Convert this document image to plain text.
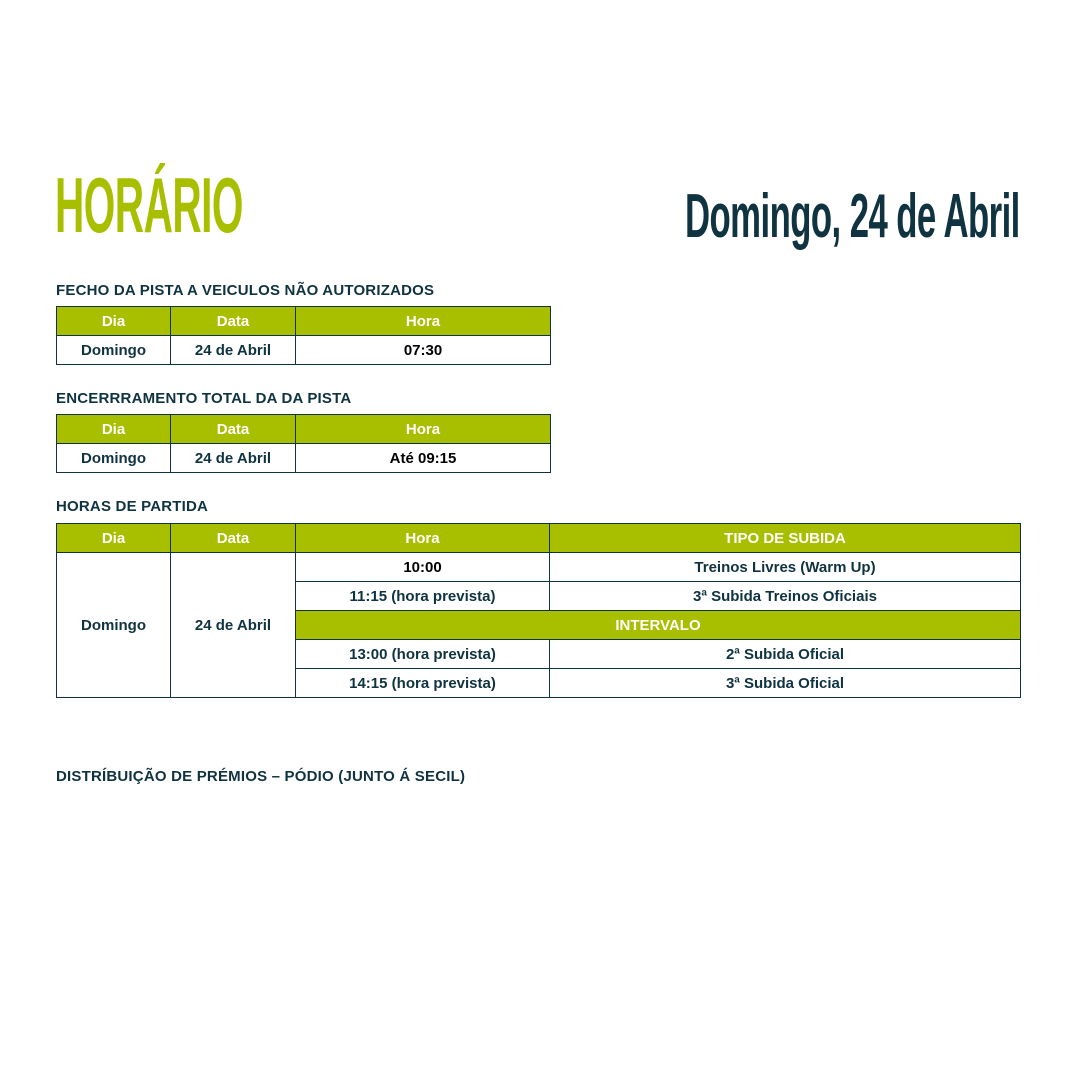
HORÁRIO	Domingo, 24 de Abril
FECHO DA PISTA A VEICULOS NÃO AUTORIZADOS
Dia	Data	Hora
Domingo	24 de Abril	07:30
ENCERRRAMENTO TOTAL DA DA PISTA
Dia	Data	Hora
Domingo	24 de Abril	Até 09:15
HORAS DE PARTIDA
Dia	Data	Hora	TIPO DE SUBIDA
Domingo	24 de Abril	10:00	Treinos Livres (Warm Up)
		11:15 (hora prevista)	3ª Subida Treinos Oficiais
		INTERVALO	
		13:00 (hora prevista)	2ª Subida Oficial
		14:15 (hora prevista)	3ª Subida Oficial
DISTRÍBUIÇÃO DE PRÉMIOS – PÓDIO (JUNTO Á SECIL)
